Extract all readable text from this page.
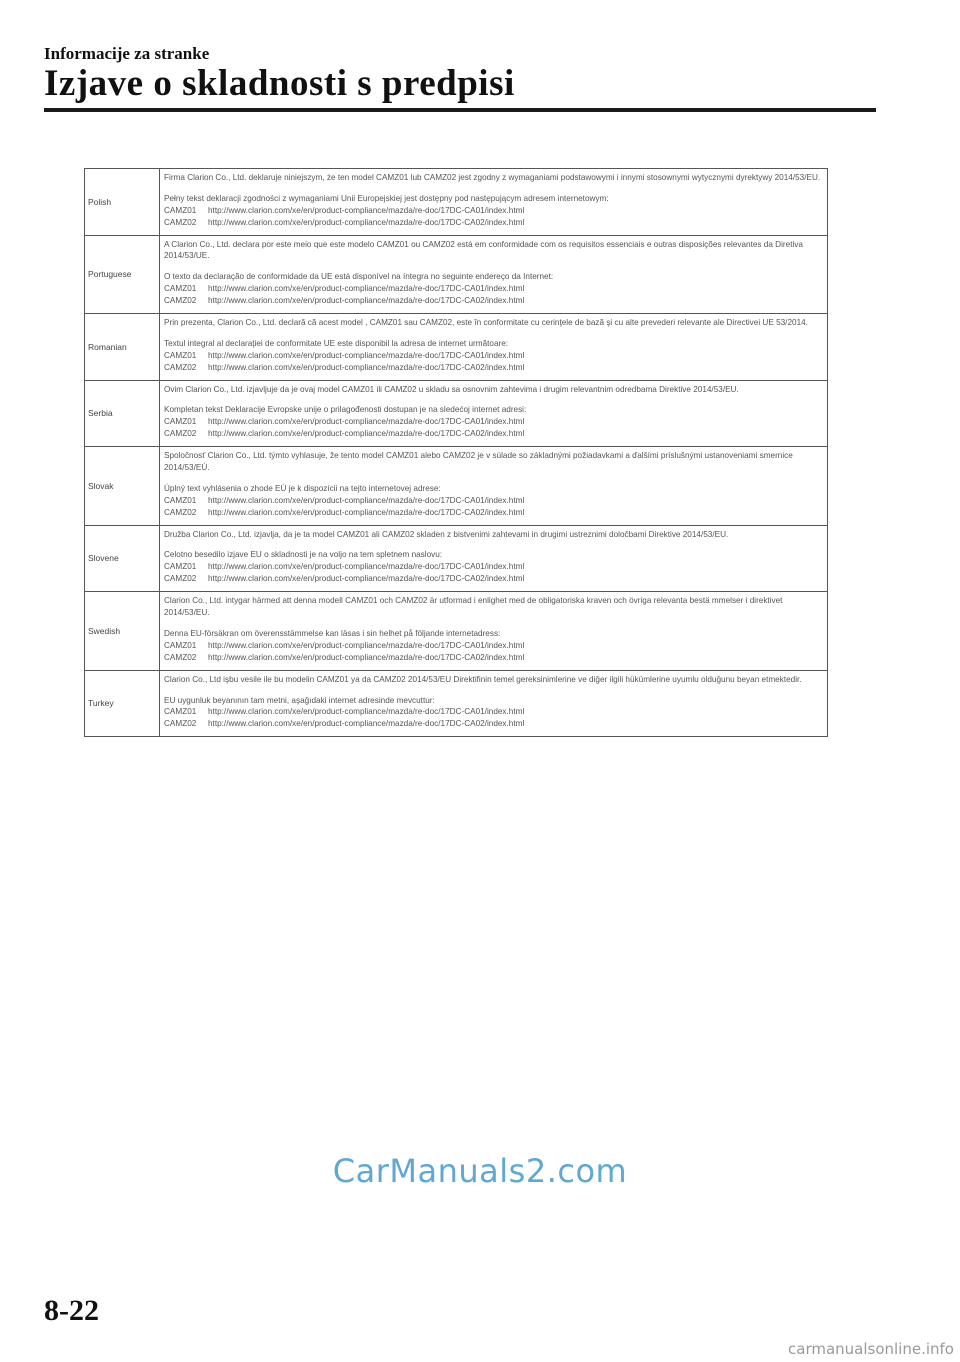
Informacije za stranke
Izjave o skladnosti s predpisi
Polish	Firma Clarion Co., Ltd. deklaruje niniejszym, że ten model CAMZ01 lub CAMZ02 jest zgodny z wymaganiami podstawowymi i innymi stosownymi wytycznymi dyrektywy 2014/53/EU.

Pełny tekst deklaracji zgodności z wymaganiami Unii Europejskiej jest dostępny pod następującym adresem internetowym:

CAMZ01 http://www.clarion.com/xe/en/product-compliance/mazda/re-doc/17DC-CA01/index.html
CAMZ02 http://www.clarion.com/xe/en/product-compliance/mazda/re-doc/17DC-CA02/index.html

Portuguese	A Clarion Co., Ltd. declara por este meio que este modelo CAMZ01 ou CAMZ02 está em conformidade com os requisitos essenciais e outras disposições relevantes da Diretiva 2014/53/UE.

O texto da declaração de conformidade da UE está disponível na íntegra no seguinte endereço da Internet:

CAMZ01 http://www.clarion.com/xe/en/product-compliance/mazda/re-doc/17DC-CA01/index.html
CAMZ02 http://www.clarion.com/xe/en/product-compliance/mazda/re-doc/17DC-CA02/index.html

Romanian	Prin prezenta, Clarion Co., Ltd. declară că acest model , CAMZ01 sau CAMZ02, este în conformitate cu cerinţele de bază şi cu alte prevederi relevante ale Directivei UE 53/2014.

Textul integral al declaraţiei de conformitate UE este disponibil la adresa de internet următoare:

CAMZ01 http://www.clarion.com/xe/en/product-compliance/mazda/re-doc/17DC-CA01/index.html
CAMZ02 http://www.clarion.com/xe/en/product-compliance/mazda/re-doc/17DC-CA02/index.html

Serbia	Ovim Clarion Co., Ltd. izjavljuje da je ovaj model CAMZ01 ili CAMZ02 u skladu sa osnovnim zahtevima i drugim relevantnim odredbama Direktive 2014/53/EU.

Kompletan tekst Deklaracije Evropske unije o prilagođenosti dostupan je na sledećoj internet adresi:

CAMZ01 http://www.clarion.com/xe/en/product-compliance/mazda/re-doc/17DC-CA01/index.html
CAMZ02 http://www.clarion.com/xe/en/product-compliance/mazda/re-doc/17DC-CA02/index.html

Slovak	Spoločnosť Clarion Co., Ltd. týmto vyhlasuje, že tento model CAMZ01 alebo CAMZ02 je v súlade so základnými požiadavkami a ďalšími príslušnými ustanoveniami smernice 2014/53/EÚ.

Úplný text vyhlásenia o zhode EÚ je k dispozícii na tejto internetovej adrese:

CAMZ01 http://www.clarion.com/xe/en/product-compliance/mazda/re-doc/17DC-CA01/index.html
CAMZ02 http://www.clarion.com/xe/en/product-compliance/mazda/re-doc/17DC-CA02/index.html

Slovene	Družba Clarion Co., Ltd. izjavlja, da je ta model CAMZ01 ali CAMZ02 skladen z bistvenimi zahtevami in drugimi ustreznimi določbami Direktive 2014/53/EU.

Celotno besedilo izjave EU o skladnosti je na voljo na tem spletnem naslovu:

CAMZ01 http://www.clarion.com/xe/en/product-compliance/mazda/re-doc/17DC-CA01/index.html
CAMZ02 http://www.clarion.com/xe/en/product-compliance/mazda/re-doc/17DC-CA02/index.html

Swedish	Clarion Co., Ltd. intygar härmed att denna modell CAMZ01 och CAMZ02 är utformad i enlighet med de obligatoriska kraven och övriga relevanta bestä mmelser i direktivet 2014/53/EU.

Denna EU-försäkran om överensstämmelse kan läsas i sin helhet på följande internetadress:

CAMZ01 http://www.clarion.com/xe/en/product-compliance/mazda/re-doc/17DC-CA01/index.html
CAMZ02 http://www.clarion.com/xe/en/product-compliance/mazda/re-doc/17DC-CA02/index.html

Turkey	Clarion Co., Ltd işbu vesile ile bu modelin CAMZ01 ya da CAMZ02 2014/53/EU Direktifinin temel gereksinimlerine ve diğer ilgili hükümlerine uyumlu olduğunu beyan etmektedir.

EU uygunluk beyanının tam metni, aşağıdaki internet adresinde mevcuttur:

CAMZ01 http://www.clarion.com/xe/en/product-compliance/mazda/re-doc/17DC-CA01/index.html
CAMZ02 http://www.clarion.com/xe/en/product-compliance/mazda/re-doc/17DC-CA02/index.html
CarManuals2.com
8-22
carmanualsonline.info
